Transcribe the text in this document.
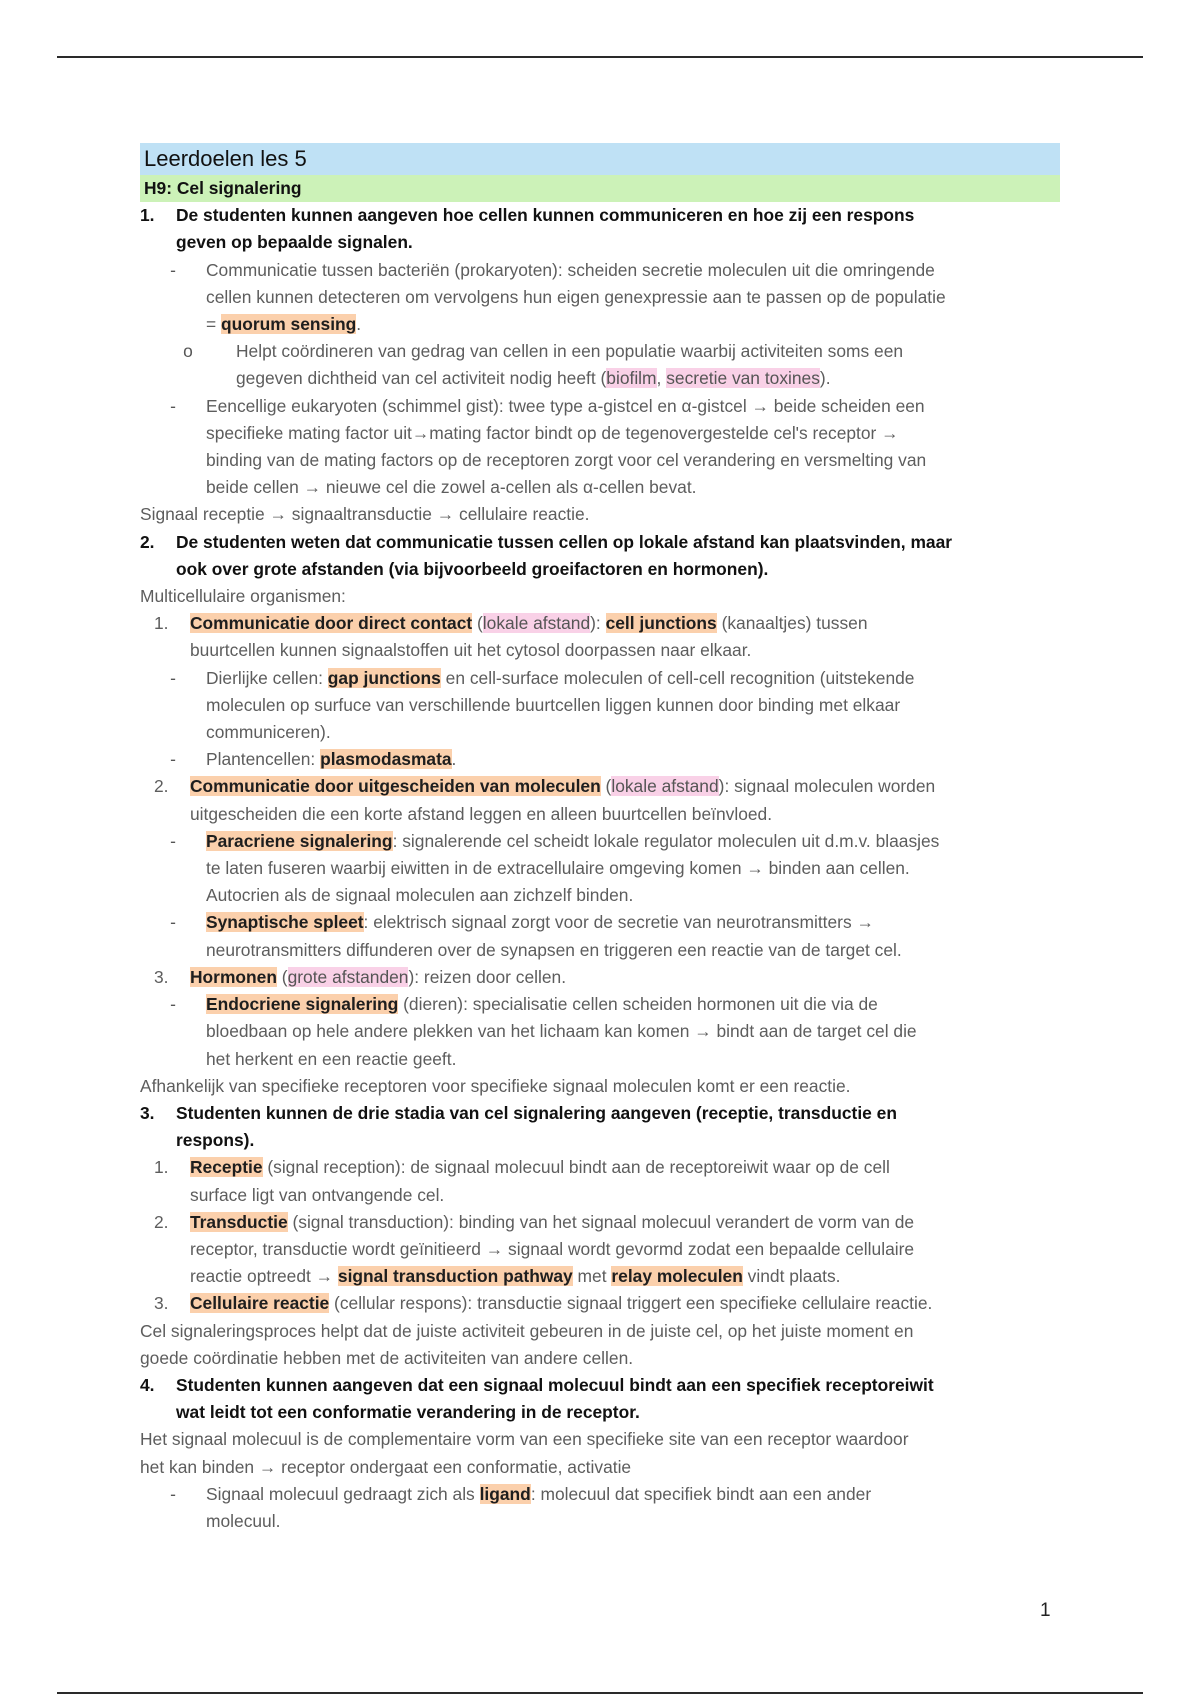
Leerdoelen les 5
H9: Cel signalering
1. De studenten kunnen aangeven hoe cellen kunnen communiceren en hoe zij een respons
geven op bepaalde signalen.
- Communicatie tussen bacteriën (prokaryoten): scheiden secretie moleculen uit die omringende
cellen kunnen detecteren om vervolgens hun eigen genexpressie aan te passen op de populatie
= quorum sensing.
o Helpt coördineren van gedrag van cellen in een populatie waarbij activiteiten soms een
gegeven dichtheid van cel activiteit nodig heeft (biofilm, secretie van toxines).
- Eencellige eukaryoten (schimmel gist): twee type a-gistcel en α-gistcel → beide scheiden een
specifieke mating factor uit→mating factor bindt op de tegenovergestelde cel's receptor →
binding van de mating factors op de receptoren zorgt voor cel verandering en versmelting van
beide cellen → nieuwe cel die zowel a-cellen als α-cellen bevat.
Signaal receptie → signaaltransductie → cellulaire reactie.
2. De studenten weten dat communicatie tussen cellen op lokale afstand kan plaatsvinden, maar
ook over grote afstanden (via bijvoorbeeld groeifactoren en hormonen).
Multicellulaire organismen:
1. Communicatie door direct contact (lokale afstand): cell junctions (kanaaltjes) tussen
buurtcellen kunnen signaalstoffen uit het cytosol doorpassen naar elkaar.
- Dierlijke cellen: gap junctions en cell-surface moleculen of cell-cell recognition (uitstekende
moleculen op surfuce van verschillende buurtcellen liggen kunnen door binding met elkaar
communiceren).
- Plantencellen: plasmodasmata.
2. Communicatie door uitgescheiden van moleculen (lokale afstand): signaal moleculen worden
uitgescheiden die een korte afstand leggen en alleen buurtcellen beïnvloed.
- Paracriene signalering: signalerende cel scheidt lokale regulator moleculen uit d.m.v. blaasjes
te laten fuseren waarbij eiwitten in de extracellulaire omgeving komen → binden aan cellen.
Autocrien als de signaal moleculen aan zichzelf binden.
- Synaptische spleet: elektrisch signaal zorgt voor de secretie van neurotransmitters →
neurotransmitters diffunderen over de synapsen en triggeren een reactie van de target cel.
3. Hormonen (grote afstanden): reizen door cellen.
- Endocriene signalering (dieren): specialisatie cellen scheiden hormonen uit die via de
bloedbaan op hele andere plekken van het lichaam kan komen → bindt aan de target cel die
het herkent en een reactie geeft.
Afhankelijk van specifieke receptoren voor specifieke signaal moleculen komt er een reactie.
3. Studenten kunnen de drie stadia van cel signalering aangeven (receptie, transductie en
respons).
1. Receptie (signal reception): de signaal molecuul bindt aan de receptoreiwit waar op de cell
surface ligt van ontvangende cel.
2. Transductie (signal transduction): binding van het signaal molecuul verandert de vorm van de
receptor, transductie wordt geïnitieerd → signaal wordt gevormd zodat een bepaalde cellulaire
reactie optreedt → signal transduction pathway met relay moleculen vindt plaats.
3. Cellulaire reactie (cellular respons): transductie signaal triggert een specifieke cellulaire reactie.
Cel signaleringsproces helpt dat de juiste activiteit gebeuren in de juiste cel, op het juiste moment en
goede coördinatie hebben met de activiteiten van andere cellen.
4. Studenten kunnen aangeven dat een signaal molecuul bindt aan een specifiek receptoreiwit
wat leidt tot een conformatie verandering in de receptor.
Het signaal molecuul is de complementaire vorm van een specifieke site van een receptor waardoor
het kan binden → receptor ondergaat een conformatie, activatie
- Signaal molecuul gedraagt zich als ligand: molecuul dat specifiek bindt aan een ander
molecuul.
1
